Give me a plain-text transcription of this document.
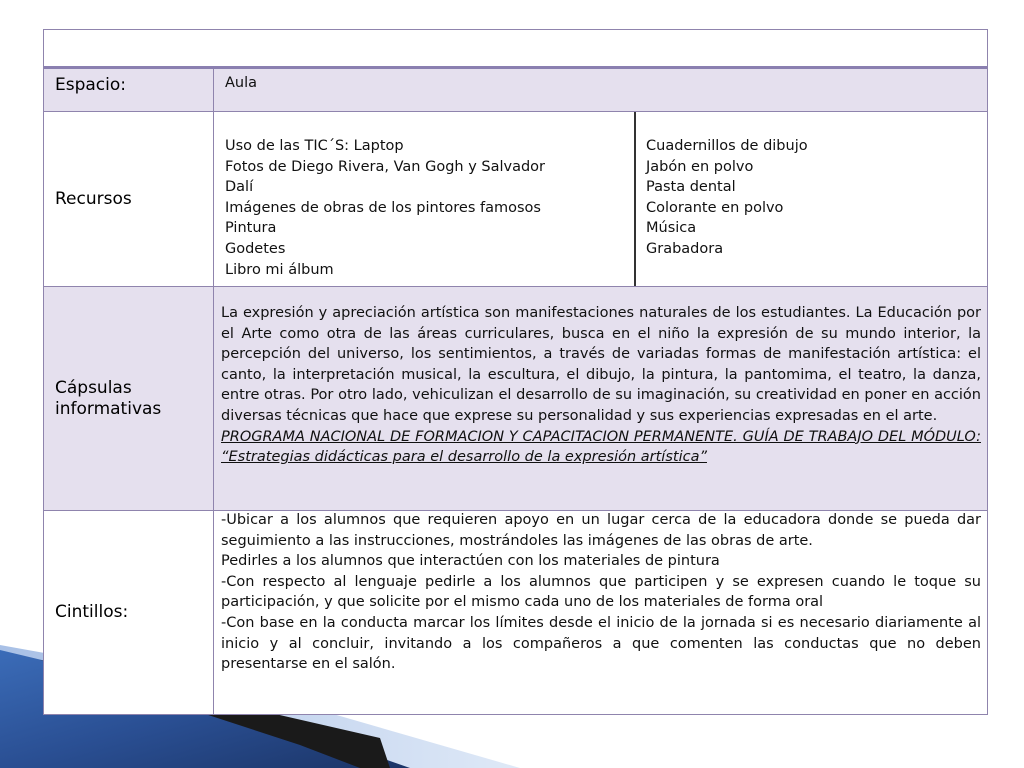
Espacio:	Aula
Recursos
Uso de las TIC´S: Laptop
Fotos de Diego Rivera, Van Gogh y Salvador
Dalí
Imágenes de obras de los pintores famosos
Pintura
Godetes
Libro mi álbum
Cuadernillos de dibujo
Jabón en polvo
Pasta dental
Colorante en polvo
Música
Grabadora
Cápsulas informativas

La expresión y apreciación artística son manifestaciones naturales de los estudiantes. La Educación por el Arte como otra de las áreas curriculares, busca en el niño la expresión de su mundo interior, la percepción del universo, los sentimientos, a través de variadas formas de manifestación artística: el canto, la interpretación musical, la escultura, el dibujo, la pintura, la pantomima, el teatro, la danza, entre otras. Por otro lado, vehiculizan el desarrollo de su imaginación, su creatividad en poner en acción diversas técnicas que hace que exprese su personalidad y sus experiencias expresadas en el arte.

PROGRAMA NACIONAL DE FORMACION Y CAPACITACION PERMANENTE. GUÍA DE TRABAJO DEL MÓDULO: “Estrategias didácticas para el desarrollo de la expresión artística”

Cintillos:

-Ubicar a los alumnos que requieren apoyo en un lugar cerca de la educadora donde se pueda dar seguimiento a las instrucciones, mostrándoles las imágenes de las obras de arte.

Pedirles a los alumnos que interactúen con los materiales de pintura

-Con respecto al lenguaje pedirle a los alumnos que participen y se expresen cuando le toque su participación, y que solicite por el mismo cada uno de los materiales de forma oral

-Con base en la conducta marcar los límites desde el inicio de la jornada si es necesario diariamente al inicio y al concluir, invitando a los compañeros a que comenten las conductas que no deben presentarse en el salón.
